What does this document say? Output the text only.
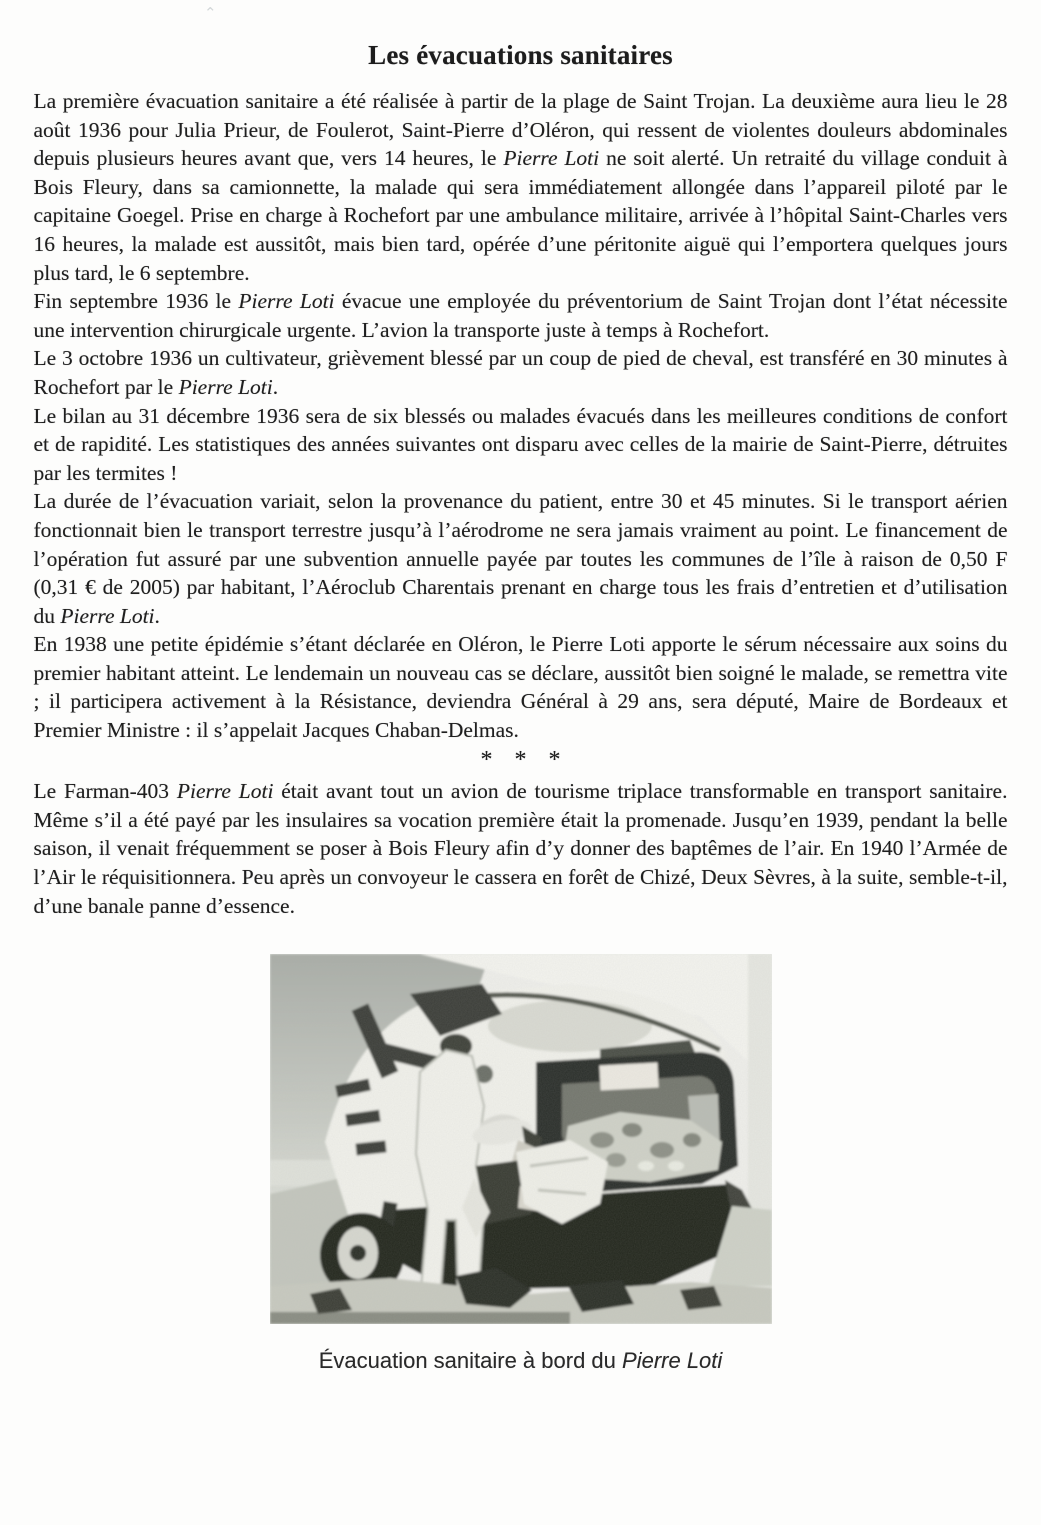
⌃
Les évacuations sanitaires

La première évacuation sanitaire a été réalisée à partir de la plage de Saint Trojan. La deuxième aura lieu le 28 août 1936 pour Julia Prieur, de Foulerot, Saint-Pierre d’Oléron, qui ressent de violentes douleurs abdominales depuis plusieurs heures avant que, vers 14 heures, le Pierre Loti ne soit alerté. Un retraité du village conduit à Bois Fleury, dans sa camionnette, la malade qui sera immédiatement allongée dans l’appareil piloté par le capitaine Goegel. Prise en charge à Rochefort par une ambulance militaire, arrivée à l’hôpital Saint-Charles vers 16 heures, la malade est aussitôt, mais bien tard, opérée d’une péritonite aiguë qui l’emportera quelques jours plus tard, le 6 septembre.

Fin septembre 1936 le Pierre Loti évacue une employée du préventorium de Saint Trojan dont l’état nécessite une intervention chirurgicale urgente. L’avion la transporte juste à temps à Rochefort.

Le 3 octobre 1936 un cultivateur, grièvement blessé par un coup de pied de cheval, est transféré en 30 minutes à Rochefort par le Pierre Loti.

Le bilan au 31 décembre 1936 sera de six blessés ou malades évacués dans les meilleures conditions de confort et de rapidité. Les statistiques des années suivantes ont disparu avec celles de la mairie de Saint-Pierre, détruites par les termites !

La durée de l’évacuation variait, selon la provenance du patient, entre 30 et 45 minutes. Si le transport aérien fonctionnait bien le transport terrestre jusqu’à l’aérodrome ne sera jamais vraiment au point. Le financement de l’opération fut assuré par une subvention annuelle payée par toutes les communes de l’île à raison de 0,50 F (0,31 € de 2005) par habitant, l’Aéroclub Charentais prenant en charge tous les frais d’entretien et d’utilisation du Pierre Loti.

En 1938 une petite épidémie s’étant déclarée en Oléron, le Pierre Loti apporte le sérum nécessaire aux soins du premier habitant atteint. Le lendemain un nouveau cas se déclare, aussitôt bien soigné le malade, se remettra vite ; il participera activement à la Résistance, deviendra Général à 29 ans, sera député, Maire de Bordeaux et Premier Ministre : il s’appelait Jacques Chaban-Delmas.

* * *

Le Farman-403 Pierre Loti était avant tout un avion de tourisme triplace transformable en transport sanitaire. Même s’il a été payé par les insulaires sa vocation première était la promenade. Jusqu’en 1939, pendant la belle saison, il venait fréquemment se poser à Bois Fleury afin d’y donner des baptêmes de l’air. En 1940 l’Armée de l’Air le réquisitionnera. Peu après un convoyeur le cassera en forêt de Chizé, Deux Sèvres, à la suite, semble-t-il, d’une banale panne d’essence.

Évacuation sanitaire à bord du Pierre Loti
